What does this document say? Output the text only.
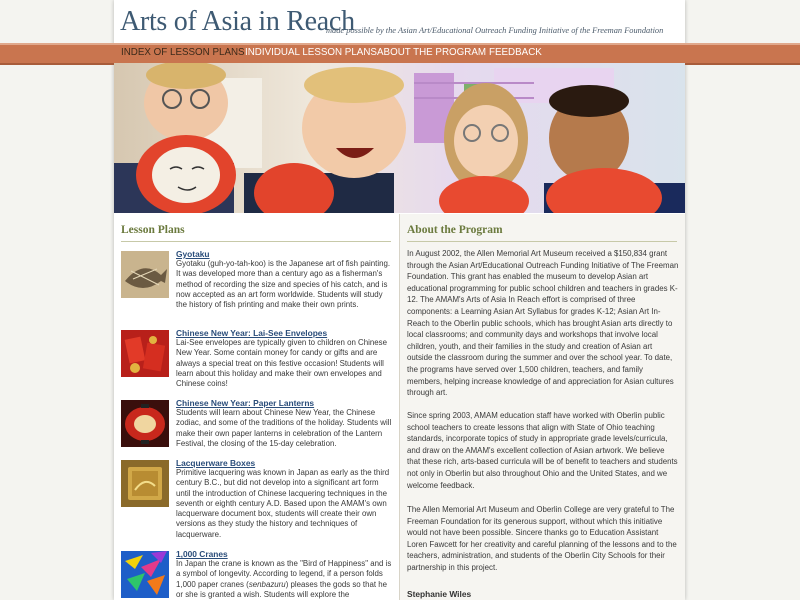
Arts of Asia in Reach
made possible by the Asian Art/Educational Outreach Funding Initiative of the Freeman Foundation
INDEX OF LESSON PLANS INDIVIDUAL LESSON PLANS ABOUT THE PROGRAM FEEDBACK
Lesson Plans
Gyotaku
Gyotaku (guh-yo-tah-koo) is the Japanese art of fish painting. It was developed more than a century ago as a fisherman's method of recording the size and species of his catch, and is now accepted as an art form worldwide. Students will study the history of fish printing and make their own prints.
Chinese New Year: Lai-See Envelopes
Lai-See envelopes are typically given to children on Chinese New Year. Some contain money for candy or gifts and are always a special treat on this festive occasion! Students will learn about this holiday and make their own envelopes and Chinese coins!
Chinese New Year: Paper Lanterns
Students will learn about Chinese New Year, the Chinese zodiac, and some of the traditions of the holiday. Students will make their own paper lanterns in celebration of the Lantern Festival, the closing of the 15-day celebration.
Lacquerware Boxes
Primitive lacquering was known in Japan as early as the third century B.C., but did not develop into a significant art form until the introduction of Chinese lacquering techniques in the seventh or eighth century A.D. Based upon the AMAM's own lacquerware document box, students will create their own versions as they study the history and techniques of lacquerware.
1,000 Cranes
In Japan the crane is known as the "Bird of Happiness" and is a symbol of longevity. According to legend, if a person folds 1,000 paper cranes (senbazuru) pleases the gods so that he or she is granted a wish. Students will explore the
About the Program
In August 2002, the Allen Memorial Art Museum received a $150,834 grant through the Asian Art/Educational Outreach Funding Initiative of The Freeman Foundation. This grant has enabled the museum to develop Asian art educational programming for public school children and teachers in grades K-12. The AMAM's Arts of Asia In Reach effort is comprised of three components: a Learning Asian Art Syllabus for grades K-12; Asian Art In-Reach to the Oberlin public schools, which has brought Asian arts directly to local classrooms; and community days and workshops that involve local children, youth, and their families in the study and creation of Asian art outside the classroom during the summer and over the school year. To date, the programs have served over 1,500 children, teachers, and family members, helping increase knowledge of and appreciation for Asian cultures through art.
Since spring 2003, AMAM education staff have worked with Oberlin public school teachers to create lessons that align with State of Ohio teaching standards, incorporate topics of study in appropriate grade levels/curricula, and draw on the AMAM's excellent collection of Asian artwork. We believe that these rich, arts-based curricula will be of benefit to teachers and students not only in Oberlin but also throughout Ohio and the United States, and we welcome feedback.
The Allen Memorial Art Museum and Oberlin College are very grateful to The Freeman Foundation for its generous support, without which this initiative would not have been possible. Sincere thanks go to Education Assistant Loren Fawcett for her creativity and careful planning of the lessons and to the teachers, administration, and students of the Oberlin City Schools for their partnership in this project.
Stephanie Wiles
